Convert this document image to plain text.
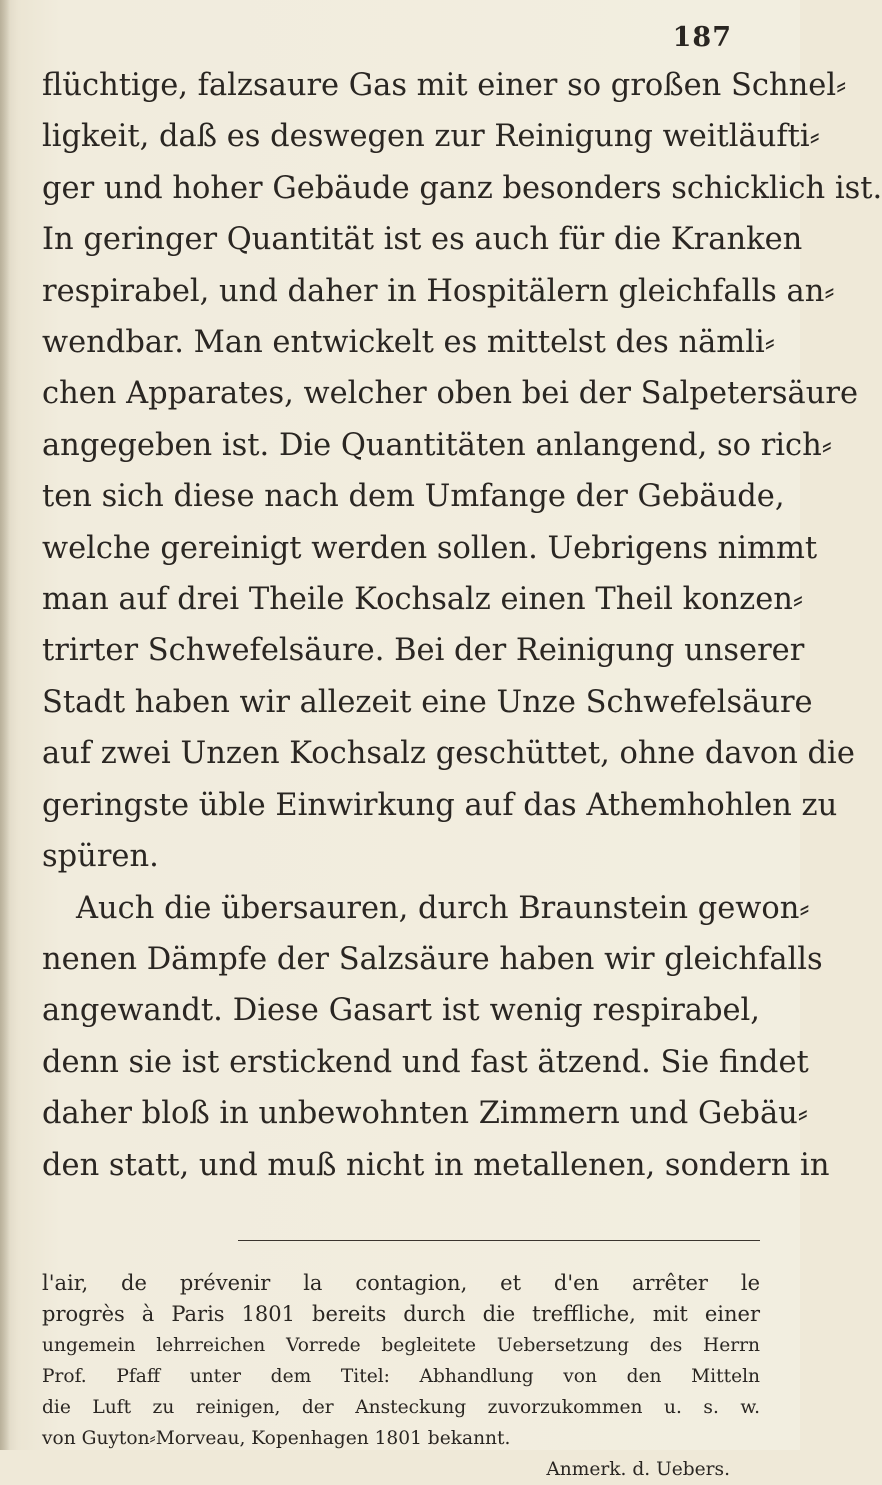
187
flüchtige, falzsaure Gas mit einer so großen Schnel⸗
ligkeit, daß es deswegen zur Reinigung weitläufti⸗
ger und hoher Gebäude ganz besonders schicklich ist.
In geringer Quantität ist es auch für die Kranken
respirabel, und daher in Hospitälern gleichfalls an⸗
wendbar. Man entwickelt es mittelst des nämli⸗
chen Apparates, welcher oben bei der Salpetersäure
angegeben ist. Die Quantitäten anlangend, so rich⸗
ten sich diese nach dem Umfange der Gebäude,
welche gereinigt werden sollen. Uebrigens nimmt
man auf drei Theile Kochsalz einen Theil konzen⸗
trirter Schwefelsäure. Bei der Reinigung unserer
Stadt haben wir allezeit eine Unze Schwefelsäure
auf zwei Unzen Kochsalz geschüttet, ohne davon die
geringste üble Einwirkung auf das Athemhohlen zu
spüren.
Auch die übersauren, durch Braunstein gewon⸗
nenen Dämpfe der Salzsäure haben wir gleichfalls
angewandt. Diese Gasart ist wenig respirabel,
denn sie ist erstickend und fast ätzend. Sie findet
daher bloß in unbewohnten Zimmern und Gebäu⸗
den statt, und muß nicht in metallenen, sondern in
l'air, de prévenir la contagion, et d'en arrêter le
progrès à Paris 1801 bereits durch die treffliche, mit einer
ungemein lehrreichen Vorrede begleitete Uebersetzung des Herrn
Prof. Pfaff unter dem Titel: Abhandlung von den Mitteln
die Luft zu reinigen, der Ansteckung zuvorzukommen u. s. w.
von Guyton⸗Morveau, Kopenhagen 1801 bekannt.
Anmerk. d. Uebers.
